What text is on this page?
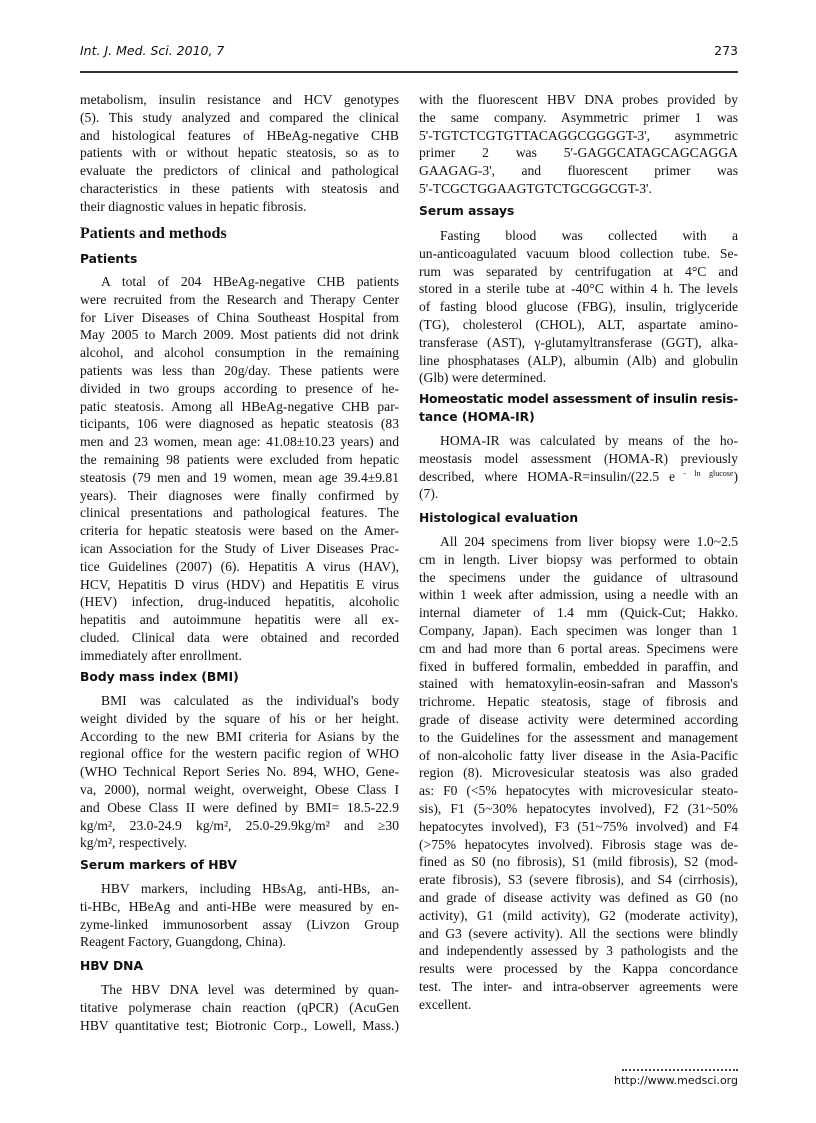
Int. J. Med. Sci. 2010, 7	273
metabolism, insulin resistance and HCV genotypes
(5). This study analyzed and compared the clinical
and histological features of HBeAg-negative CHB
patients with or without hepatic steatosis, so as to
evaluate the predictors of clinical and pathological
characteristics in these patients with steatosis and
their diagnostic values in hepatic fibrosis.
Patients and methods
Patients
A total of 204 HBeAg-negative CHB patients
were recruited from the Research and Therapy Center
for Liver Diseases of China Southeast Hospital from
May 2005 to March 2009. Most patients did not drink
alcohol, and alcohol consumption in the remaining
patients was less than 20g/day. These patients were
divided in two groups according to presence of he-
patic steatosis. Among all HBeAg-negative CHB par-
ticipants, 106 were diagnosed as hepatic steatosis (83
men and 23 women, mean age: 41.08±10.23 years) and
the remaining 98 patients were excluded from hepatic
steatosis (79 men and 19 women, mean age 39.4±9.81
years). Their diagnoses were finally confirmed by
clinical presentations and pathological features. The
criteria for hepatic steatosis were based on the Amer-
ican Association for the Study of Liver Diseases Prac-
tice Guidelines (2007) (6). Hepatitis A virus (HAV),
HCV, Hepatitis D virus (HDV) and Hepatitis E virus
(HEV) infection, drug-induced hepatitis, alcoholic
hepatitis and autoimmune hepatitis were all ex-
cluded. Clinical data were obtained and recorded
immediately after enrollment.
Body mass index (BMI)
BMI was calculated as the individual's body
weight divided by the square of his or her height.
According to the new BMI criteria for Asians by the
regional office for the western pacific region of WHO
(WHO Technical Report Series No. 894, WHO, Gene-
va, 2000), normal weight, overweight, Obese Class I
and Obese Class II were defined by BMI= 18.5-22.9
kg/m², 23.0-24.9 kg/m², 25.0-29.9kg/m² and ≥30
kg/m², respectively.
Serum markers of HBV
HBV markers, including HBsAg, anti-HBs, an-
ti-HBc, HBeAg and anti-HBe were measured by en-
zyme-linked immunosorbent assay (Livzon Group
Reagent Factory, Guangdong, China).
HBV DNA
The HBV DNA level was determined by quan-
titative polymerase chain reaction (qPCR) (AcuGen
HBV quantitative test; Biotronic Corp., Lowell, Mass.)
with the fluorescent HBV DNA probes provided by
the same company. Asymmetric primer 1 was
5'-TGTCTCGTGTTACAGGCGGGGT-3', asymmetric
primer 2 was 5'-GAGGCATAGCAGCAGGA
GAAGAG-3', and fluorescent primer was
5'-TCGCTGGAAGTGTCTGCGGCGT-3'.
Serum assays
Fasting blood was collected with a
un-anticoagulated vacuum blood collection tube. Se-
rum was separated by centrifugation at 4°C and
stored in a sterile tube at -40°C within 4 h. The levels
of fasting blood glucose (FBG), insulin, triglyceride
(TG), cholesterol (CHOL), ALT, aspartate amino-
transferase (AST), γ-glutamyltransferase (GGT), alka-
line phosphatases (ALP), albumin (Alb) and globulin
(Glb) were determined.
Homeostatic model assessment of insulin resis-
tance (HOMA-IR)
HOMA-IR was calculated by means of the ho-
meostasis model assessment (HOMA-R) previously
described, where HOMA-R=insulin/(22.5 e $^{- ln glucose}$)
(7).
Histological evaluation
All 204 specimens from liver biopsy were 1.0~2.5
cm in length. Liver biopsy was performed to obtain
the specimens under the guidance of ultrasound
within 1 week after admission, using a needle with an
internal diameter of 1.4 mm (Quick-Cut; Hakko.
Company, Japan). Each specimen was longer than 1
cm and had more than 6 portal areas. Specimens were
fixed in buffered formalin, embedded in paraffin, and
stained with hematoxylin-eosin-safran and Masson's
trichrome. Hepatic steatosis, stage of fibrosis and
grade of disease activity were determined according
to the Guidelines for the assessment and management
of non-alcoholic fatty liver disease in the Asia-Pacific
region (8). Microvesicular steatosis was also graded
as: F0 (<5% hepatocytes with microvesicular steato-
sis), F1 (5~30% hepatocytes involved), F2 (31~50%
hepatocytes involved), F3 (51~75% involved) and F4
(>75% hepatocytes involved). Fibrosis stage was de-
fined as S0 (no fibrosis), S1 (mild fibrosis), S2 (mod-
erate fibrosis), S3 (severe fibrosis), and S4 (cirrhosis),
and grade of disease activity was defined as G0 (no
activity), G1 (mild activity), G2 (moderate activity),
and G3 (severe activity). All the sections were blindly
and independently assessed by 3 pathologists and the
results were processed by the Kappa concordance
test. The inter- and intra-observer agreements were
excellent.
http://www.medsci.org
